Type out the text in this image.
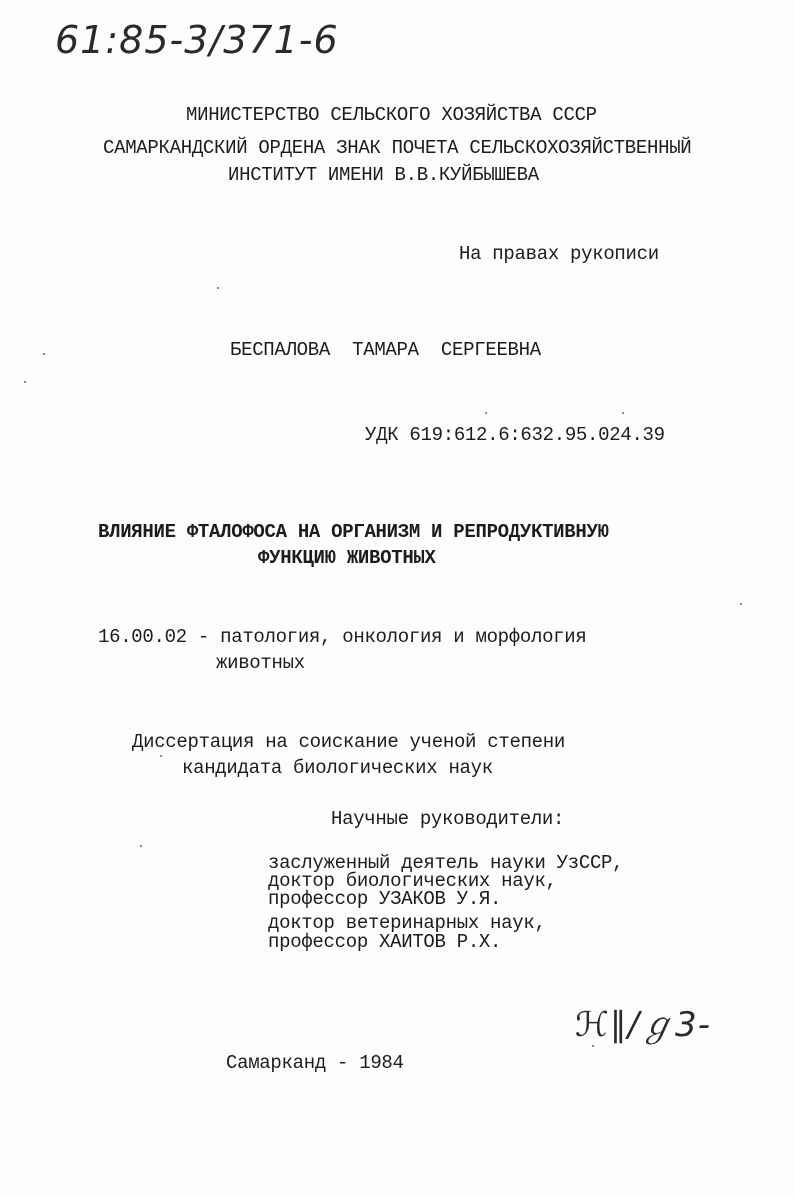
61:85-3/371-6
МИНИСТЕРСТВО СЕЛЬСКОГО ХОЗЯЙСТВА СССР
САМАРКАНДСКИЙ ОРДЕНА ЗНАК ПОЧЕТА СЕЛЬСКОХОЗЯЙСТВЕННЫЙ
ИНСТИТУТ ИМЕНИ В.В.КУЙБЫШЕВА
На правах рукописи
БЕСПАЛОВА  ТАМАРА  СЕРГЕЕВНА
УДК 619:612.6:632.95.024.39
ВЛИЯНИЕ ФТАЛОФОСА НА ОРГАНИЗМ И РЕПРОДУКТИВНУЮ
ФУНКЦИЮ ЖИВОТНЫХ
16.00.02 - патология, онкология и морфология
животных
Диссертация на соискание ученой степени
кандидата биологических наук
Научные руководители:
заслуженный деятель науки УзССР,
доктор биологических наук,
профессор УЗАКОВ У.Я.
доктор ветеринарных наук,
профессор ХАИТОВ Р.Х.
ℋ∥/ℊ3-
Самарканд - 1984
